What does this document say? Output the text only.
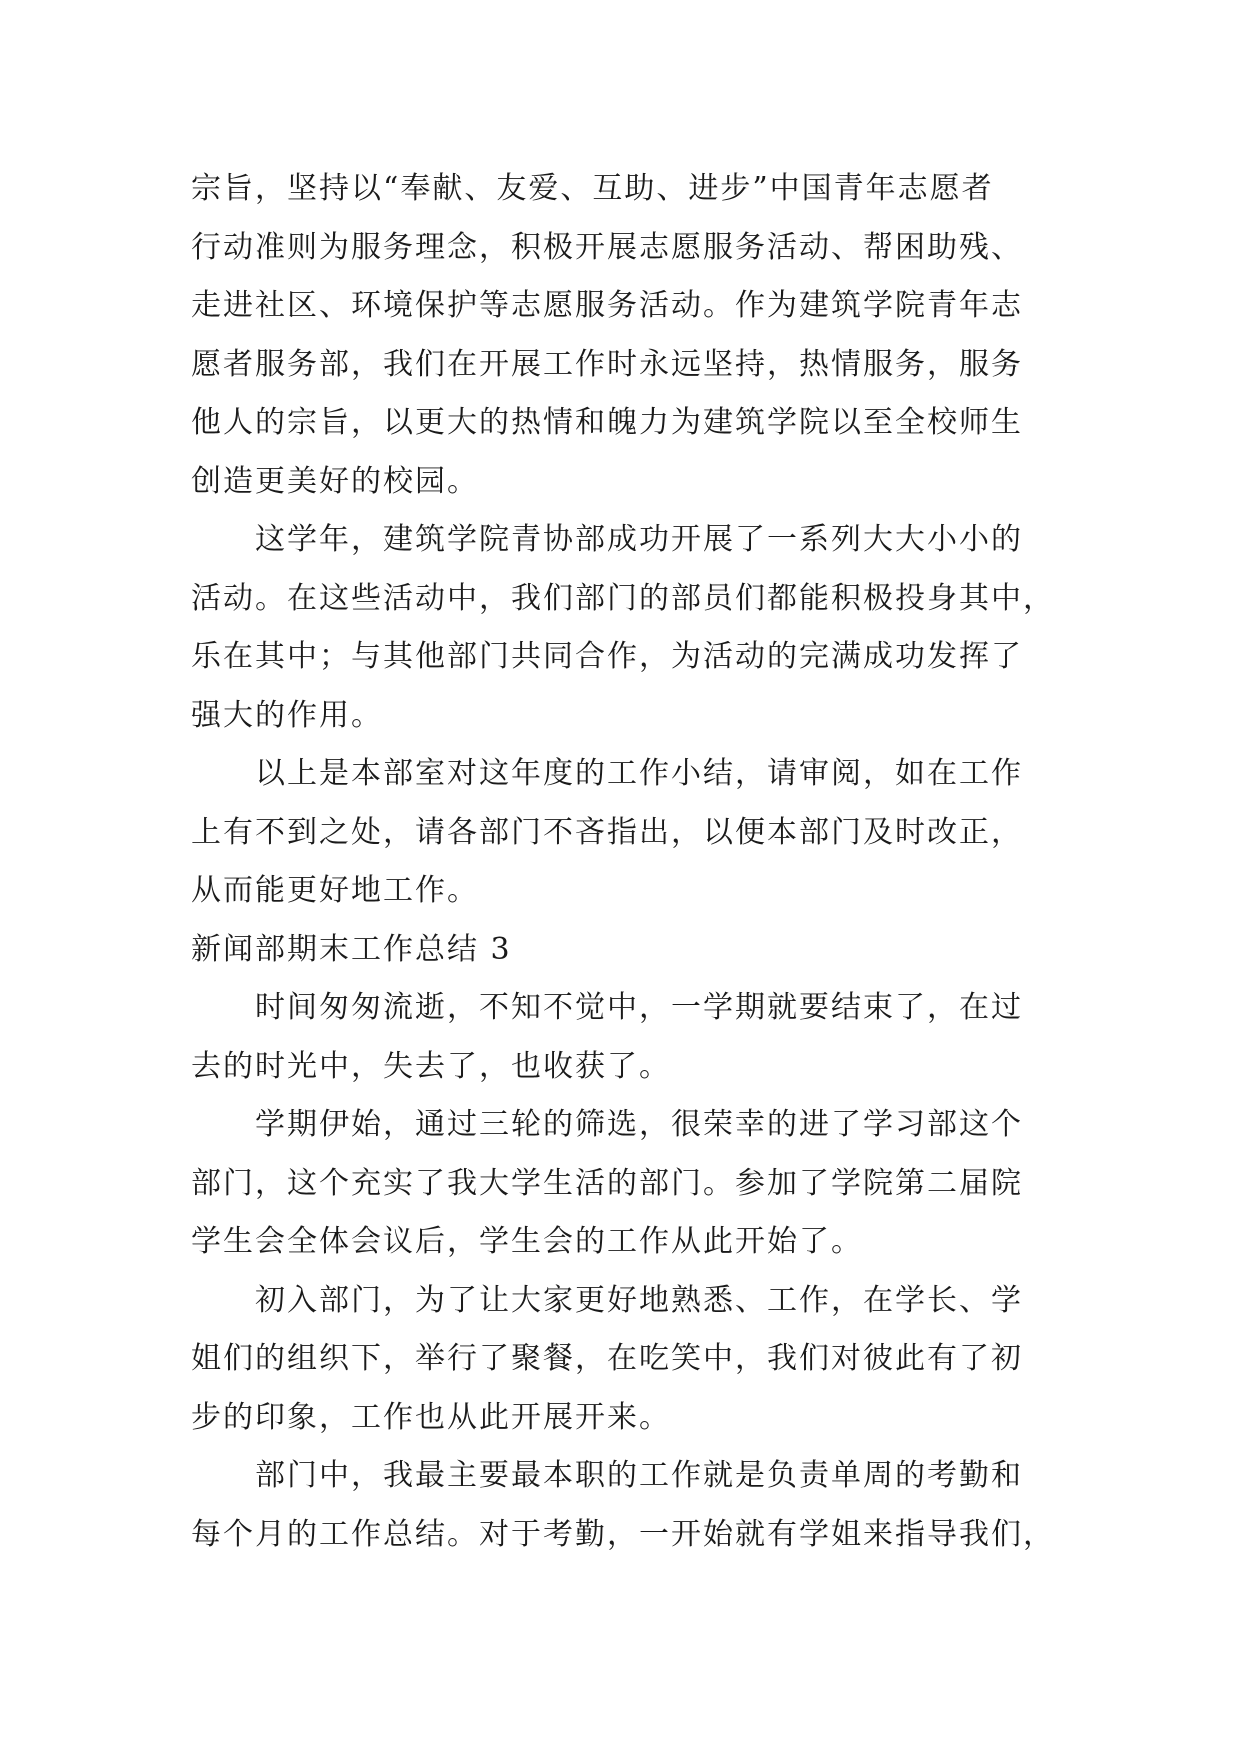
宗旨，坚持以“奉献、友爱、互助、进步”中国青年志愿者
行动准则为服务理念，积极开展志愿服务活动、帮困助残、
走进社区、环境保护等志愿服务活动。作为建筑学院青年志
愿者服务部，我们在开展工作时永远坚持，热情服务，服务
他人的宗旨，以更大的热情和魄力为建筑学院以至全校师生
创造更美好的校园。
这学年，建筑学院青协部成功开展了一系列大大小小的
活动。在这些活动中，我们部门的部员们都能积极投身其中，
乐在其中；与其他部门共同合作，为活动的完满成功发挥了
强大的作用。
以上是本部室对这年度的工作小结，请审阅，如在工作
上有不到之处，请各部门不吝指出，以便本部门及时改正，
从而能更好地工作。
新闻部期末工作总结 3
时间匆匆流逝，不知不觉中，一学期就要结束了，在过
去的时光中，失去了，也收获了。
学期伊始，通过三轮的筛选，很荣幸的进了学习部这个
部门，这个充实了我大学生活的部门。参加了学院第二届院
学生会全体会议后，学生会的工作从此开始了。
初入部门，为了让大家更好地熟悉、工作，在学长、学
姐们的组织下，举行了聚餐，在吃笑中，我们对彼此有了初
步的印象，工作也从此开展开来。
部门中，我最主要最本职的工作就是负责单周的考勤和
每个月的工作总结。对于考勤，一开始就有学姐来指导我们，
